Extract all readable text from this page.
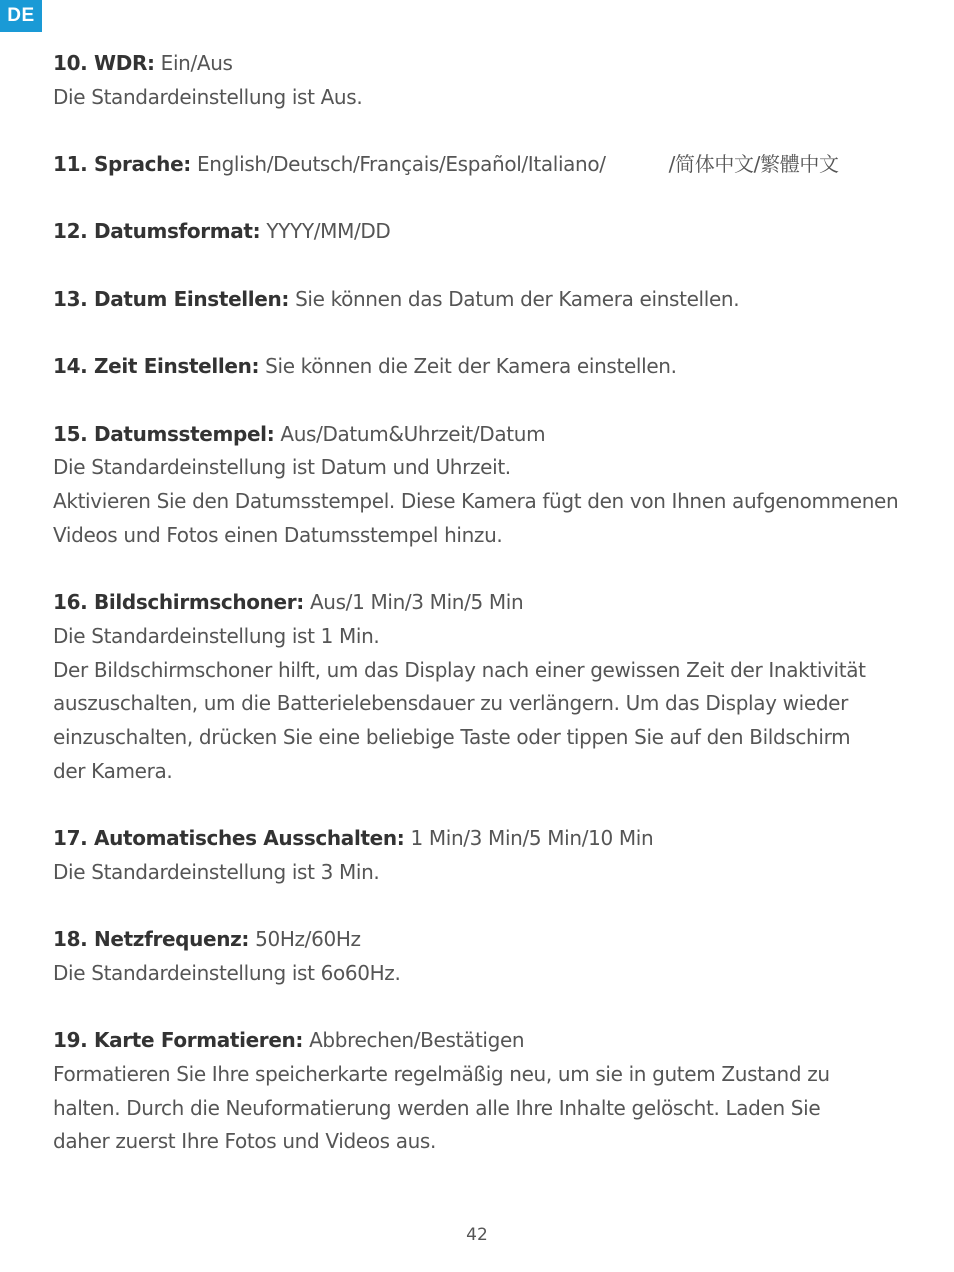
DE
10. WDR: Ein/Aus
Die Standardeinstellung ist Aus.
11. Sprache: English/Deutsch/Français/Español/Italiano/	/简体中文/繁體中文
12. Datumsformat: YYYY/MM/DD
13. Datum Einstellen: Sie können das Datum der Kamera einstellen.
14. Zeit Einstellen: Sie können die Zeit der Kamera einstellen.
15. Datumsstempel: Aus/Datum&Uhrzeit/Datum
Die Standardeinstellung ist Datum und Uhrzeit.
Aktivieren Sie den Datumsstempel. Diese Kamera fügt den von Ihnen aufgenommenen
Videos und Fotos einen Datumsstempel hinzu.
16. Bildschirmschoner: Aus/1 Min/3 Min/5 Min
Die Standardeinstellung ist 1 Min.
Der Bildschirmschoner hilft, um das Display nach einer gewissen Zeit der Inaktivität
auszuschalten, um die Batterielebensdauer zu verlängern. Um das Display wieder
einzuschalten, drücken Sie eine beliebige Taste oder tippen Sie auf den Bildschirm
der Kamera.
17. Automatisches Ausschalten: 1 Min/3 Min/5 Min/10 Min
Die Standardeinstellung ist 3 Min.
18. Netzfrequenz: 50Hz/60Hz
Die Standardeinstellung ist 6o60Hz.
19. Karte Formatieren: Abbrechen/Bestätigen
Formatieren Sie Ihre speicherkarte regelmäßig neu, um sie in gutem Zustand zu
halten. Durch die Neuformatierung werden alle Ihre Inhalte gelöscht. Laden Sie
daher zuerst Ihre Fotos und Videos aus.
42
